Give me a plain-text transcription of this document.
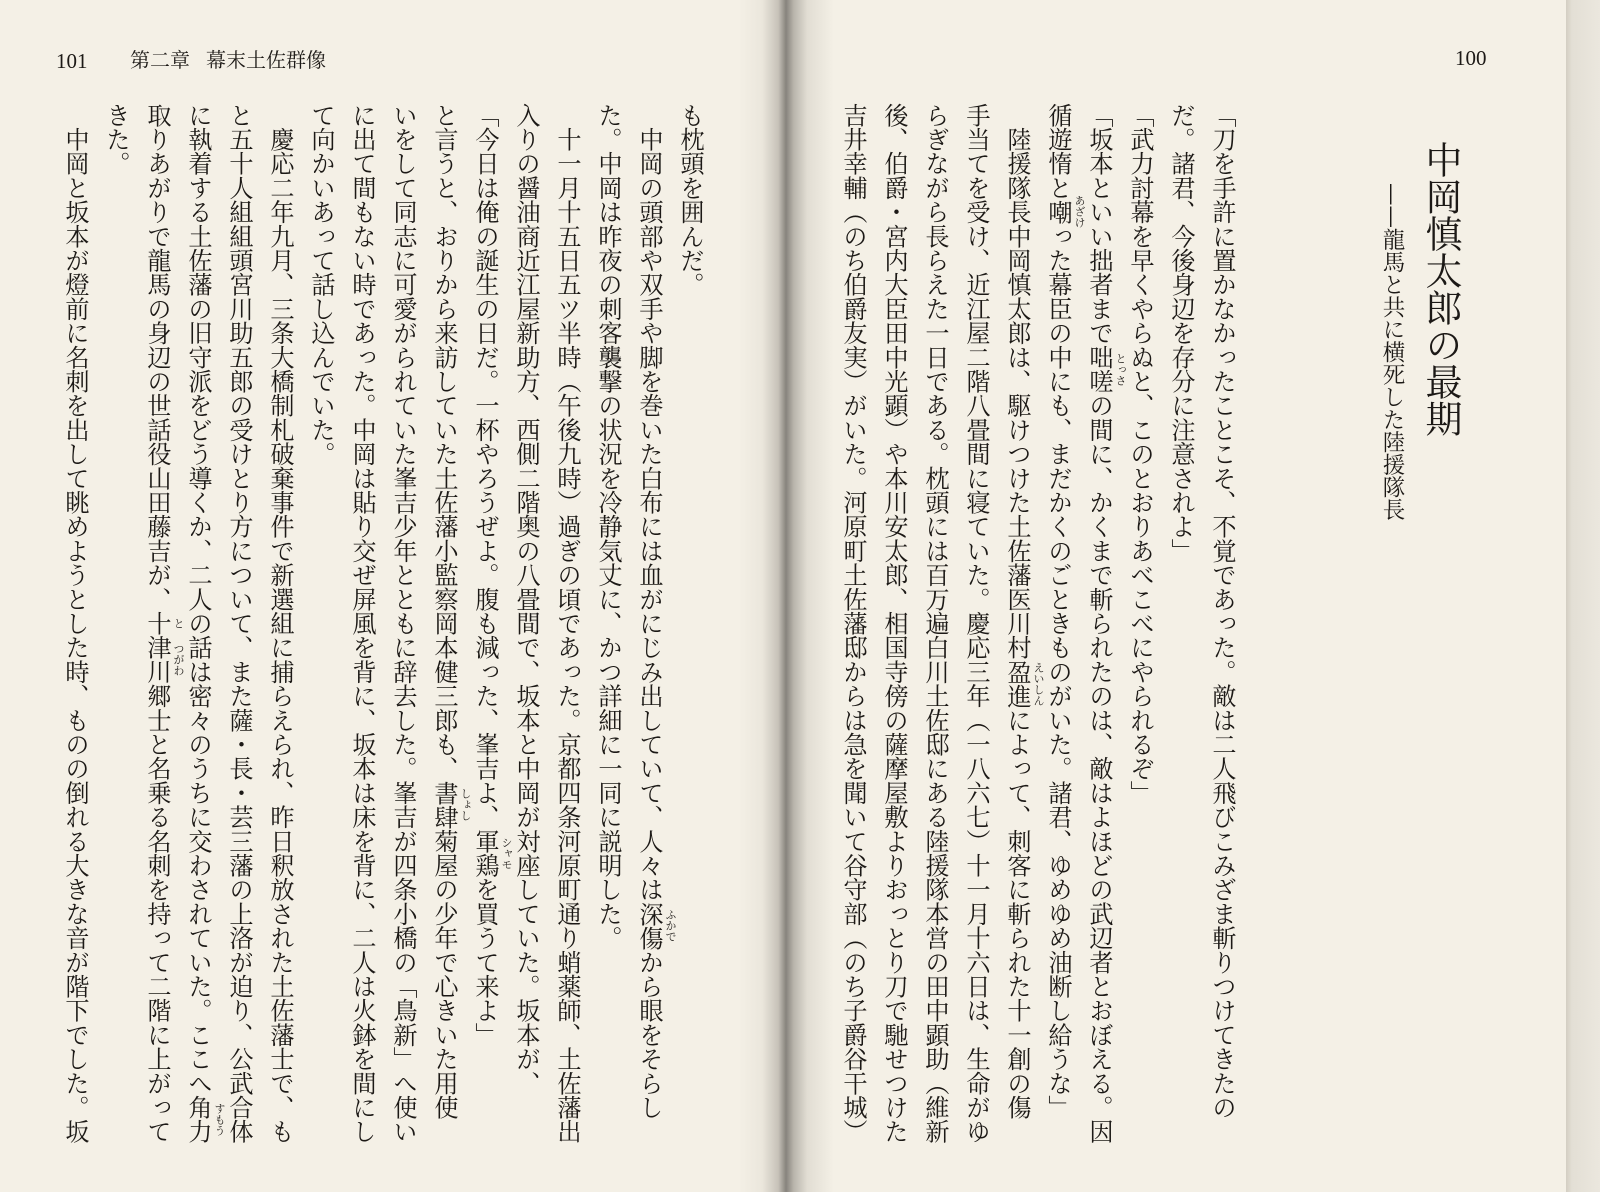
101 第二章 幕末土佐群像	100
中岡慎太郎の最期
——龍馬と共に横死した陸援隊長
「刀を手許に置かなかったことこそ、不覚であった。敵は二人飛びこみざま斬りつけてきたの
だ。諸君、今後身辺を存分に注意されよ」
「武力討幕を早くやらぬと、このとおりあべこべにやられるぞ」
「坂本といい拙者まで咄嗟 とっさ
の間に、かくまで斬られたのは、敵はよほどの武辺者とおぼえる。因
循遊惰と嘲 あざけ
った幕臣の中にも、まだかくのごときものがいた。諸君、ゆめゆめ油断し給うな」
　陸援隊長中岡慎太郎は、駆けつけた土佐藩医川村盈進 えいしん
によって、刺客に斬られた十一創の傷
手当てを受け、近江屋二階八畳間に寝ていた。慶応三年（一八六七）十一月十六日は、生命がゆ
らぎながら長らえた一日である。枕頭には百万遍白川土佐邸にある陸援隊本営の田中顕助（維新
後、伯爵・宮内大臣田中光顕）や本川安太郎、相国寺傍の薩摩屋敷よりおっとり刀で馳せつけた
吉井幸輔（のち伯爵友実）がいた。河原町土佐藩邸からは急を聞いて谷守部（のち子爵谷干城）
も枕頭を囲んだ。
　中岡の頭部や双手や脚を巻いた白布には血がにじみ出していて、人々は深傷 ふかで
から眼をそらし
た。中岡は昨夜の刺客襲撃の状況を冷静気丈に、かつ詳細に一同に説明した。
　十一月十五日五ツ半時（午後九時）過ぎの頃であった。京都四条河原町通り蛸薬師、土佐藩出
入りの醤油商近江屋新助方、西側二階奥の八畳間で、坂本と中岡が対座していた。坂本が、
「今日は俺の誕生の日だ。一杯やろうぜよ。腹も減った、峯吉よ、軍鶏 シャモ
を買うて来よ」
と言うと、おりから来訪していた土佐藩小監察岡本健三郎も、書肆 しょし
菊屋の少年で心きいた用使
いをして同志に可愛がられていた峯吉少年とともに辞去した。峯吉が四条小橋の「鳥新」へ使い
に出て間もない時であった。中岡は貼り交ぜ屏風を背に、坂本は床を背に、二人は火鉢を間にし
て向かいあって話し込んでいた。
　慶応二年九月、三条大橋制札破棄事件で新選組に捕らえられ、昨日釈放された土佐藩士で、も
と五十人組組頭宮川助五郎の受けとり方について、また薩・長・芸三藩の上洛が迫り、公武合体
に執着する土佐藩の旧守派をどう導くか、二人の話は密々のうちに交わされていた。ここへ角力 すもう
取りあがりで龍馬の身辺の世話役山田藤吉が、十 と
津川 つがわ
郷士と名乗る名刺を持って二階に上がって
きた。
　中岡と坂本が燈前に名刺を出して眺めようとした時、ものの倒れる大きな音が階下でした。坂
